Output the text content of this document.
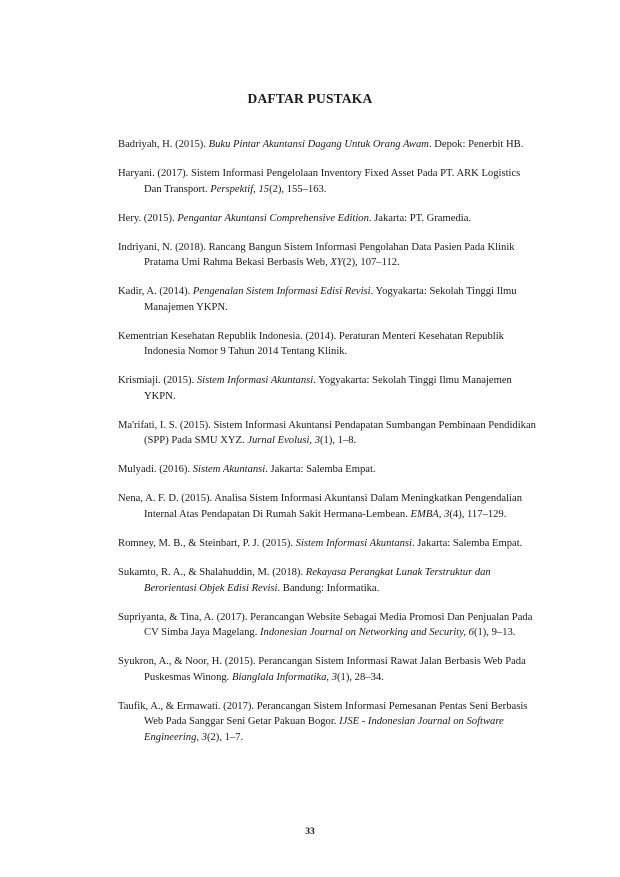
DAFTAR PUSTAKA

Badriyah, H. (2015). Buku Pintar Akuntansi Dagang Untuk Orang Awam. Depok: Penerbit HB.

Haryani. (2017). Sistem Informasi Pengelolaan Inventory Fixed Asset Pada PT. ARK Logistics Dan Transport. Perspektif, 15(2), 155–163.

Hery. (2015). Pengantar Akuntansi Comprehensive Edition. Jakarta: PT. Gramedia.

Indriyani, N. (2018). Rancang Bangun Sistem Informasi Pengolahan Data Pasien Pada Klinik Pratama Umi Rahma Bekasi Berbasis Web, XY(2), 107–112.

Kadir, A. (2014). Pengenalan Sistem Informasi Edisi Revisi. Yogyakarta: Sekolah Tinggi Ilmu Manajemen YKPN.

Kementrian Kesehatan Republik Indonesia. (2014). Peraturan Menteri Kesehatan Republik Indonesia Nomor 9 Tahun 2014 Tentang Klinik.

Krismiaji. (2015). Sistem Informasi Akuntansi. Yogyakarta: Sekolah Tinggi Ilmu Manajemen YKPN.

Ma'rifati, I. S. (2015). Sistem Informasi Akuntansi Pendapatan Sumbangan Pembinaan Pendidikan (SPP) Pada SMU XYZ. Jurnal Evolusi, 3(1), 1–8.

Mulyadi. (2016). Sistem Akuntansi. Jakarta: Salemba Empat.

Nena, A. F. D. (2015). Analisa Sistem Informasi Akuntansi Dalam Meningkatkan Pengendalian Internal Atas Pendapatan Di Rumah Sakit Hermana-Lembean. EMBA, 3(4), 117–129.

Romney, M. B., & Steinbart, P. J. (2015). Sistem Informasi Akuntansi. Jakarta: Salemba Empat.

Sukamto, R. A., & Shalahuddin, M. (2018). Rekayasa Perangkat Lunak Terstruktur dan Berorientasi Objek Edisi Revisi. Bandung: Informatika.

Supriyanta, & Tina, A. (2017). Perancangan Website Sebagai Media Promosi Dan Penjualan Pada CV Simba Jaya Magelang. Indonesian Journal on Networking and Security, 6(1), 9–13.

Syukron, A., & Noor, H. (2015). Perancangan Sistem Informasi Rawat Jalan Berbasis Web Pada Puskesmas Winong. Bianglala Informatika, 3(1), 28–34.

Taufik, A., & Ermawati. (2017). Perancangan Sistem Informasi Pemesanan Pentas Seni Berbasis Web Pada Sanggar Seni Getar Pakuan Bogor. IJSE - Indonesian Journal on Software Engineering, 3(2), 1–7.

33
